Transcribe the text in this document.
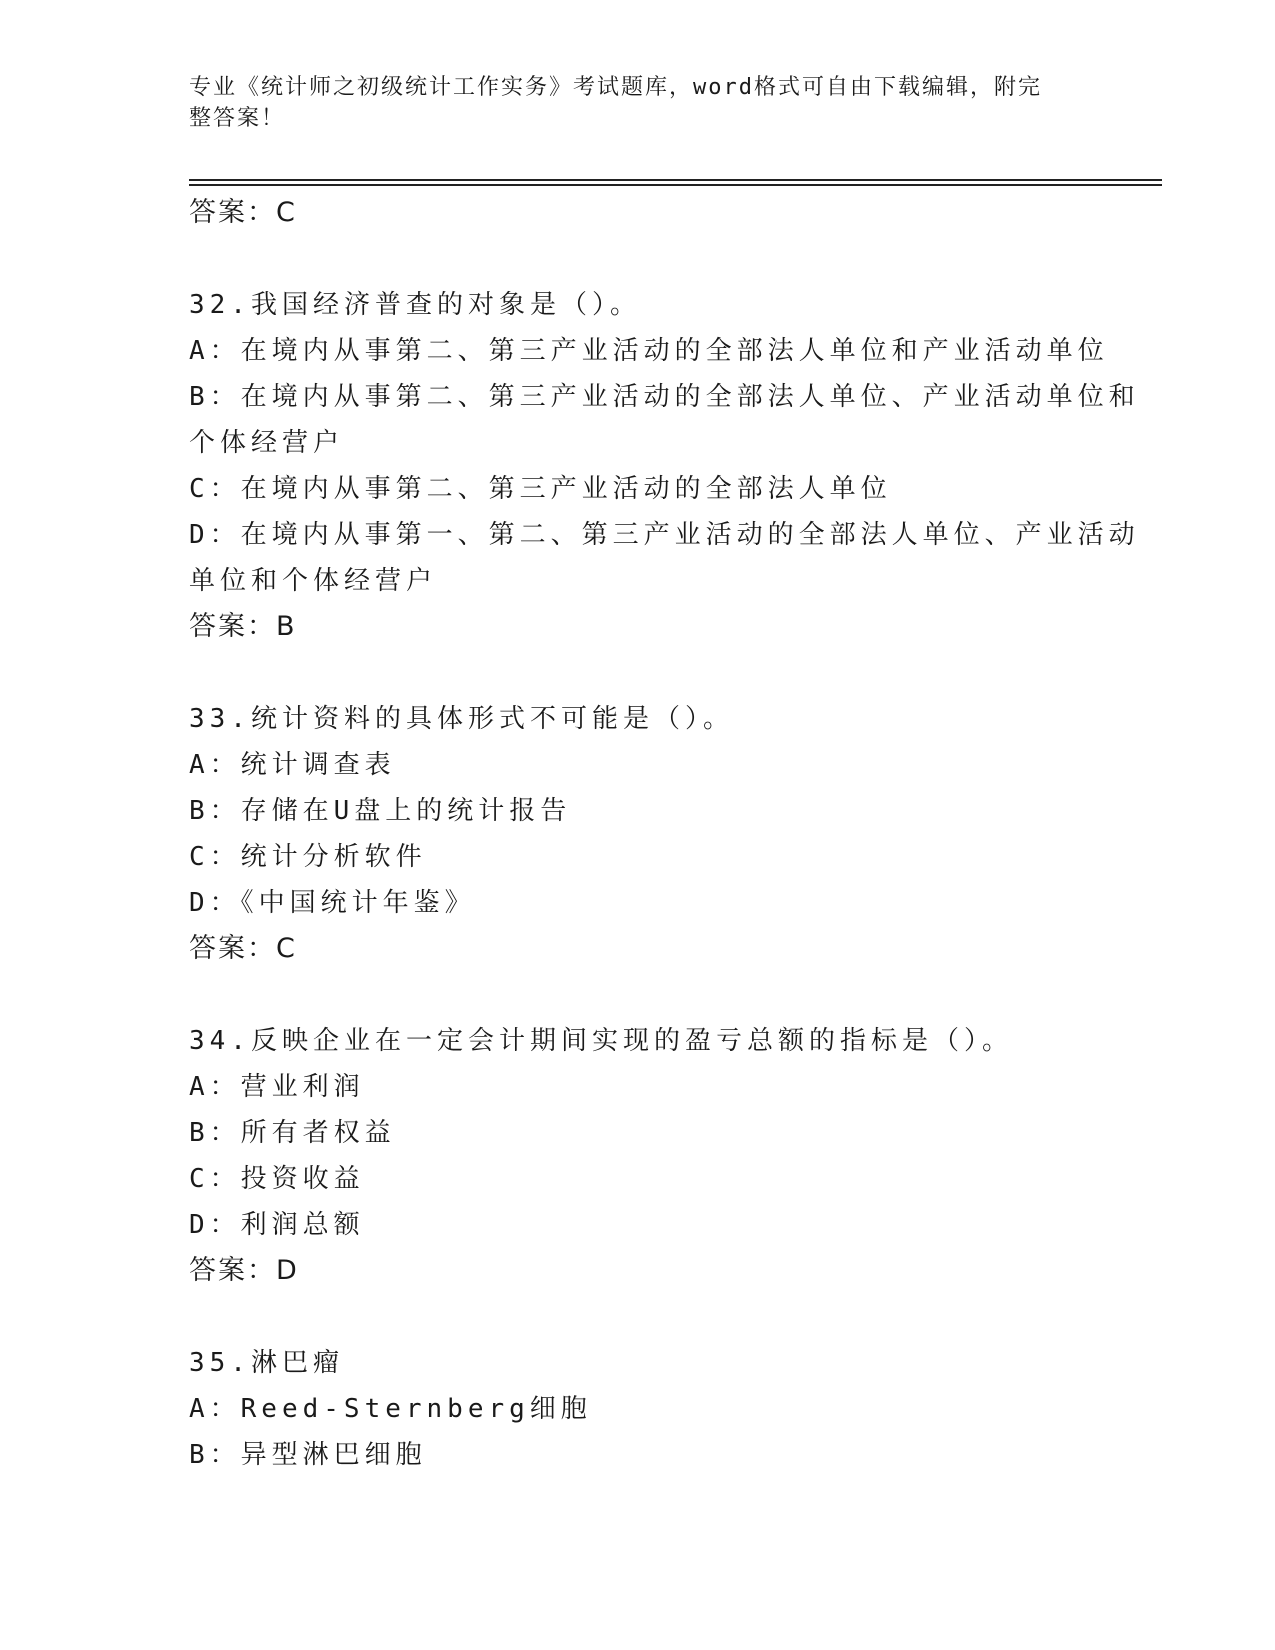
专业《统计师之初级统计工作实务》考试题库，word格式可自由下载编辑，附完
整答案！

答案：C

32.我国经济普查的对象是（）。

A：在境内从事第二、第三产业活动的全部法人单位和产业活动单位

B：在境内从事第二、第三产业活动的全部法人单位、产业活动单位和

个体经营户

C：在境内从事第二、第三产业活动的全部法人单位

D：在境内从事第一、第二、第三产业活动的全部法人单位、产业活动

单位和个体经营户

答案：B

33.统计资料的具体形式不可能是（）。

A：统计调查表

B：存储在U盘上的统计报告

C：统计分析软件

D：《中国统计年鉴》

答案：C

34.反映企业在一定会计期间实现的盈亏总额的指标是（）。

A：营业利润

B：所有者权益

C：投资收益

D：利润总额

答案：D

35.淋巴瘤

A：Reed-Sternberg细胞

B：异型淋巴细胞
